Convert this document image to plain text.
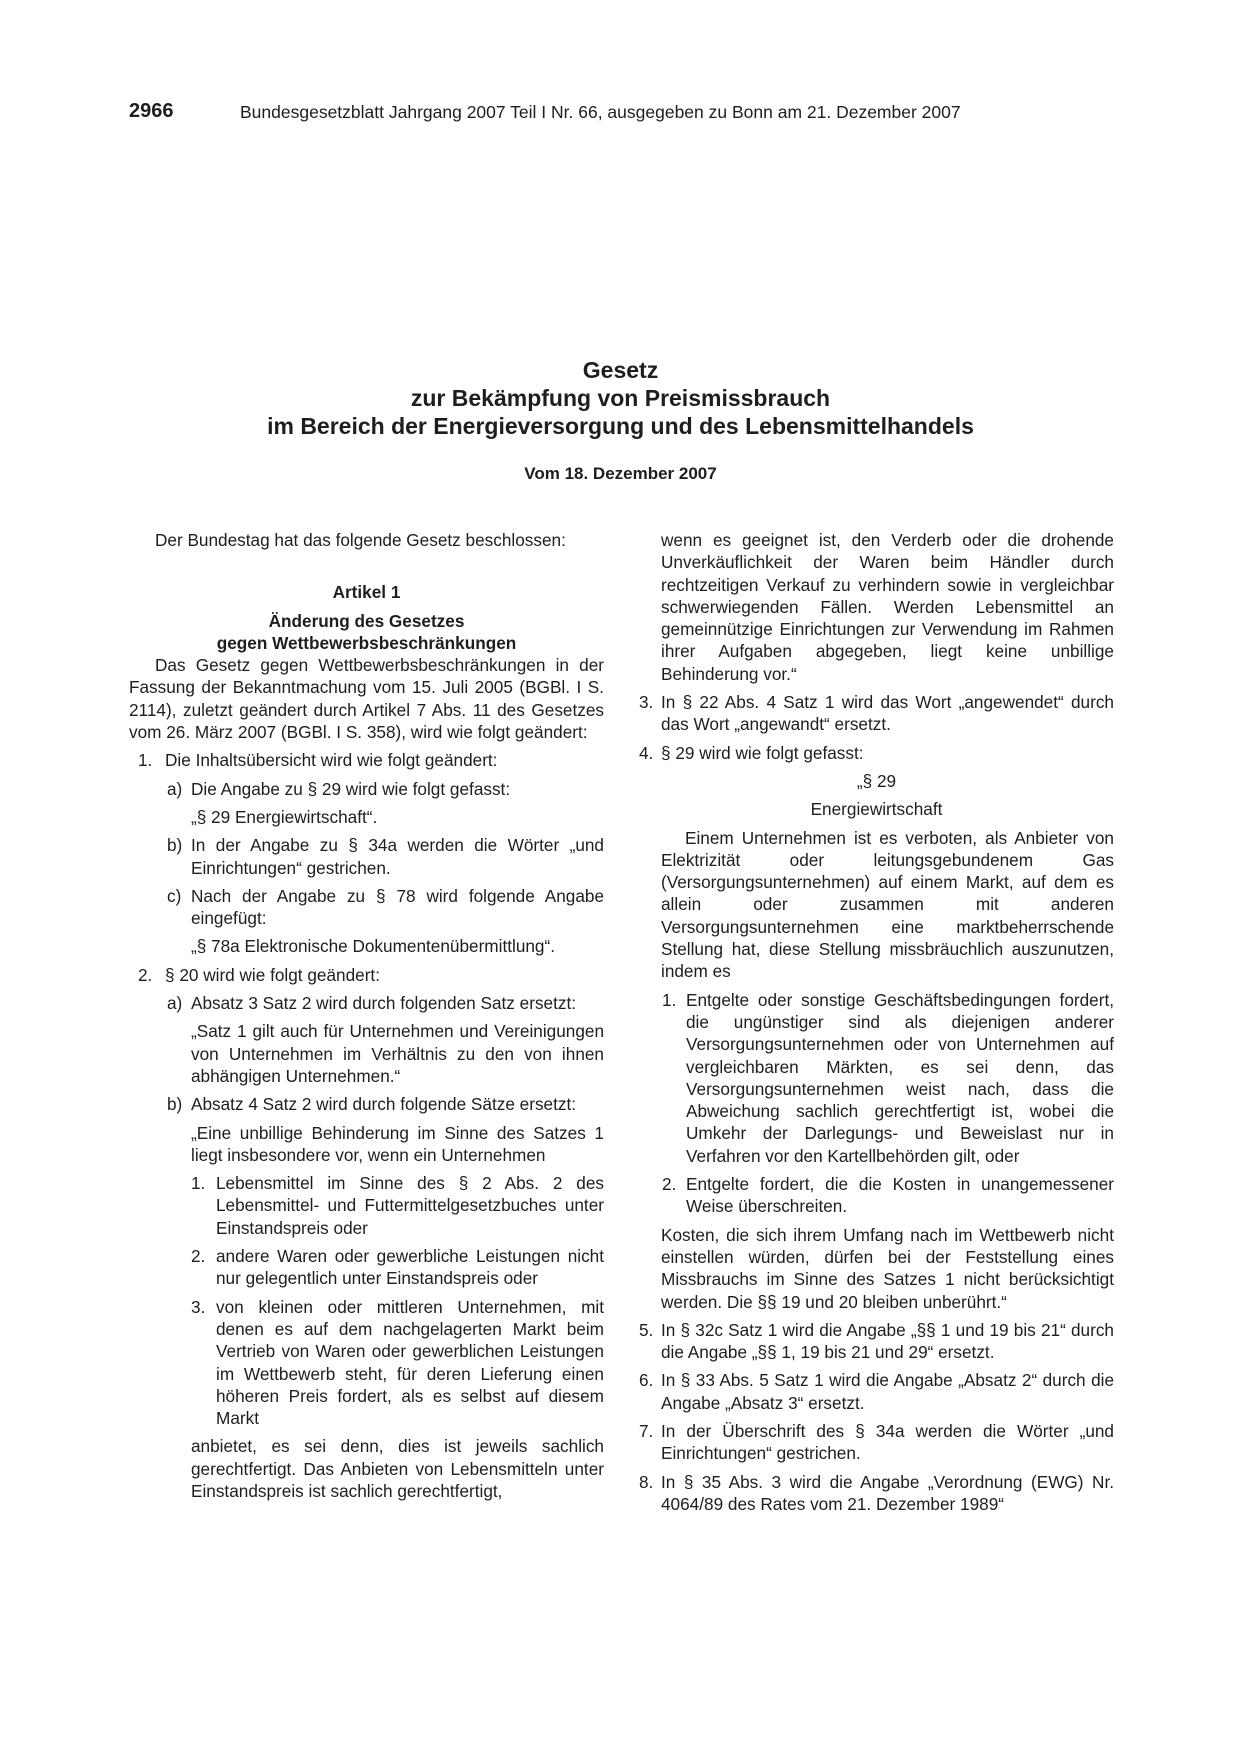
2966	Bundesgesetzblatt Jahrgang 2007 Teil I Nr. 66, ausgegeben zu Bonn am 21. Dezember 2007
Gesetz
zur Bekämpfung von Preismissbrauch
im Bereich der Energieversorgung und des Lebensmittelhandels
Vom 18. Dezember 2007

Der Bundestag hat das folgende Gesetz beschlossen:

Artikel 1
Änderung des Gesetzes
gegen Wettbewerbsbeschränkungen

Das Gesetz gegen Wettbewerbsbeschränkungen in der Fassung der Bekanntmachung vom 15. Juli 2005 (BGBl. I S. 2114), zuletzt geändert durch Artikel 7 Abs. 11 des Gesetzes vom 26. März 2007 (BGBl. I S. 358), wird wie folgt geändert:

1. Die Inhaltsübersicht wird wie folgt geändert:
a) Die Angabe zu § 29 wird wie folgt gefasst:
„§ 29 Energiewirtschaft“.
b) In der Angabe zu § 34a werden die Wörter „und Einrichtungen“ gestrichen.
c) Nach der Angabe zu § 78 wird folgende Angabe eingefügt:
„§ 78a Elektronische Dokumentenübermittlung“.
2. § 20 wird wie folgt geändert:
a) Absatz 3 Satz 2 wird durch folgenden Satz ersetzt:
„Satz 1 gilt auch für Unternehmen und Vereinigungen von Unternehmen im Verhältnis zu den von ihnen abhängigen Unternehmen.“
b) Absatz 4 Satz 2 wird durch folgende Sätze ersetzt:
„Eine unbillige Behinderung im Sinne des Satzes 1 liegt insbesondere vor, wenn ein Unternehmen
1. Lebensmittel im Sinne des § 2 Abs. 2 des Lebensmittel- und Futtermittelgesetzbuches unter Einstandspreis oder
2. andere Waren oder gewerbliche Leistungen nicht nur gelegentlich unter Einstandspreis oder
3. von kleinen oder mittleren Unternehmen, mit denen es auf dem nachgelagerten Markt beim Vertrieb von Waren oder gewerblichen Leistungen im Wettbewerb steht, für deren Lieferung einen höheren Preis fordert, als es selbst auf diesem Markt
anbietet, es sei denn, dies ist jeweils sachlich gerechtfertigt. Das Anbieten von Lebensmitteln unter Einstandspreis ist sachlich gerechtfertigt,

wenn es geeignet ist, den Verderb oder die drohende Unverkäuflichkeit der Waren beim Händler durch rechtzeitigen Verkauf zu verhindern sowie in vergleichbar schwerwiegenden Fällen. Werden Lebensmittel an gemeinnützige Einrichtungen zur Verwendung im Rahmen ihrer Aufgaben abgegeben, liegt keine unbillige Behinderung vor.“

3. In § 22 Abs. 4 Satz 1 wird das Wort „angewendet“ durch das Wort „angewandt“ ersetzt.
4. § 29 wird wie folgt gefasst:
„§ 29
Energiewirtschaft

Einem Unternehmen ist es verboten, als Anbieter von Elektrizität oder leitungsgebundenem Gas (Versorgungsunternehmen) auf einem Markt, auf dem es allein oder zusammen mit anderen Versorgungsunternehmen eine marktbeherrschende Stellung hat, diese Stellung missbräuchlich auszunutzen, indem es

1. Entgelte oder sonstige Geschäftsbedingungen fordert, die ungünstiger sind als diejenigen anderer Versorgungsunternehmen oder von Unternehmen auf vergleichbaren Märkten, es sei denn, das Versorgungsunternehmen weist nach, dass die Abweichung sachlich gerechtfertigt ist, wobei die Umkehr der Darlegungs- und Beweislast nur in Verfahren vor den Kartellbehörden gilt, oder
2. Entgelte fordert, die die Kosten in unangemessener Weise überschreiten.

Kosten, die sich ihrem Umfang nach im Wettbewerb nicht einstellen würden, dürfen bei der Feststellung eines Missbrauchs im Sinne des Satzes 1 nicht berücksichtigt werden. Die §§ 19 und 20 bleiben unberührt.“

5. In § 32c Satz 1 wird die Angabe „§§ 1 und 19 bis 21“ durch die Angabe „§§ 1, 19 bis 21 und 29“ ersetzt.
6. In § 33 Abs. 5 Satz 1 wird die Angabe „Absatz 2“ durch die Angabe „Absatz 3“ ersetzt.
7. In der Überschrift des § 34a werden die Wörter „und Einrichtungen“ gestrichen.
8. In § 35 Abs. 3 wird die Angabe „Verordnung (EWG) Nr. 4064/89 des Rates vom 21. Dezember 1989“
